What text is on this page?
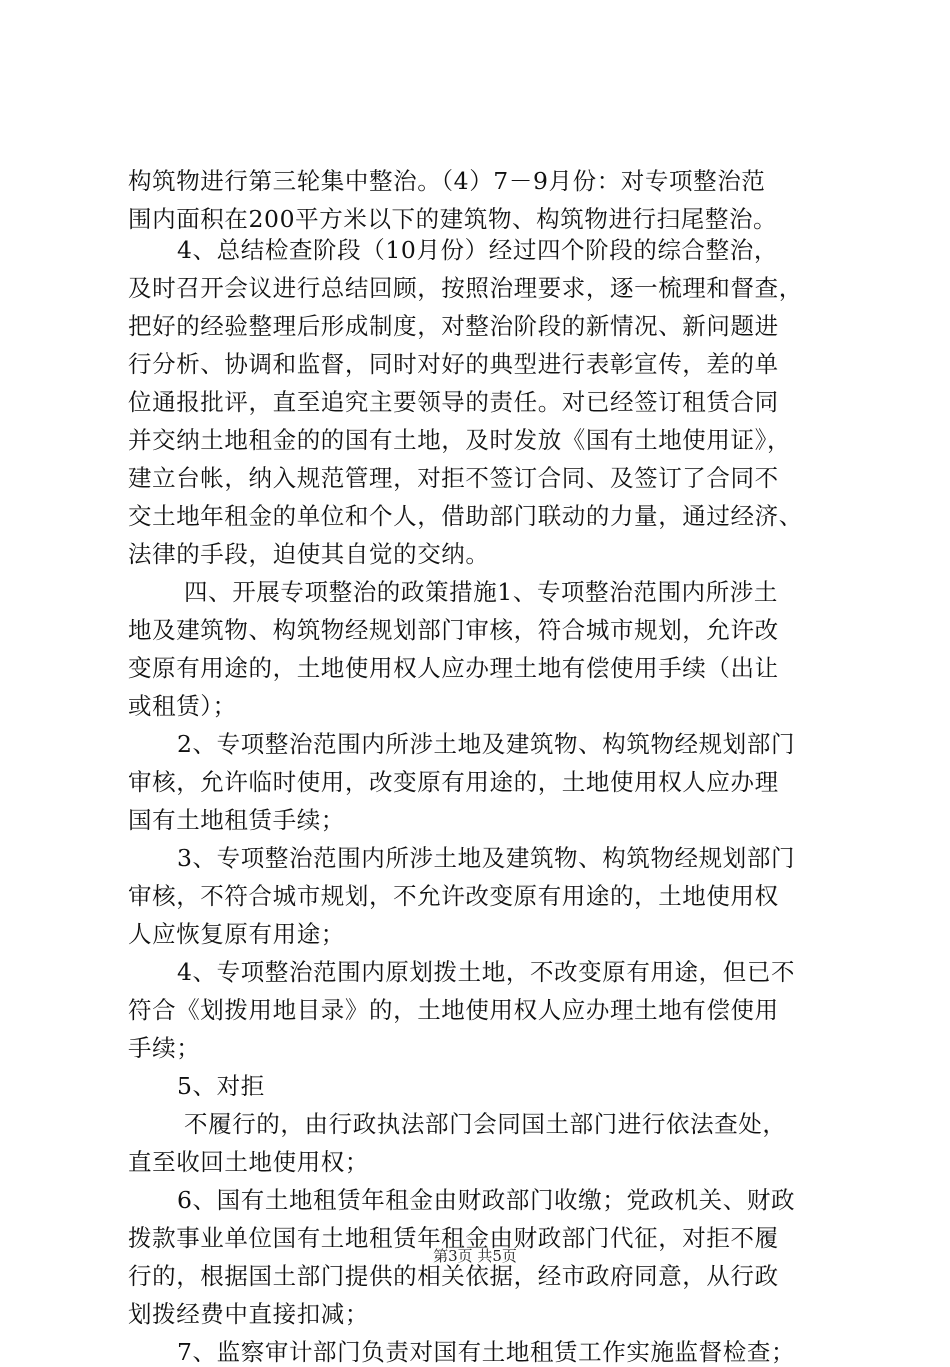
构筑物进行第三轮集中整治。（4）7－9月份：对专项整治范
围内面积在200平方米以下的建筑物、构筑物进行扫尾整治。
4、总结检查阶段（10月份）经过四个阶段的综合整治，
及时召开会议进行总结回顾，按照治理要求，逐一梳理和督查，
把好的经验整理后形成制度，对整治阶段的新情况、新问题进
行分析、协调和监督，同时对好的典型进行表彰宣传，差的单
位通报批评，直至追究主要领导的责任。对已经签订租赁合同
并交纳土地租金的的国有土地，及时发放《国有土地使用证》，
建立台帐，纳入规范管理，对拒不签订合同、及签订了合同不
交土地年租金的单位和个人，借助部门联动的力量，通过经济、
法律的手段，迫使其自觉的交纳。
四、开展专项整治的政策措施1、专项整治范围内所涉土
地及建筑物、构筑物经规划部门审核，符合城市规划，允许改
变原有用途的，土地使用权人应办理土地有偿使用手续（出让
或租赁）；
2、专项整治范围内所涉土地及建筑物、构筑物经规划部门
审核，允许临时使用，改变原有用途的，土地使用权人应办理
国有土地租赁手续；
3、专项整治范围内所涉土地及建筑物、构筑物经规划部门
审核，不符合城市规划，不允许改变原有用途的，土地使用权
人应恢复原有用途；
4、专项整治范围内原划拨土地，不改变原有用途，但已不
符合《划拨用地目录》的，土地使用权人应办理土地有偿使用
手续；
5、对拒
不履行的，由行政执法部门会同国土部门进行依法查处，
直至收回土地使用权；
6、国有土地租赁年租金由财政部门收缴；党政机关、财政
拨款事业单位国有土地租赁年租金由财政部门代征，对拒不履
行的，根据国土部门提供的相关依据，经市政府同意，从行政
划拨经费中直接扣减；
7、监察审计部门负责对国有土地租赁工作实施监督检查；
第3页 共5页
